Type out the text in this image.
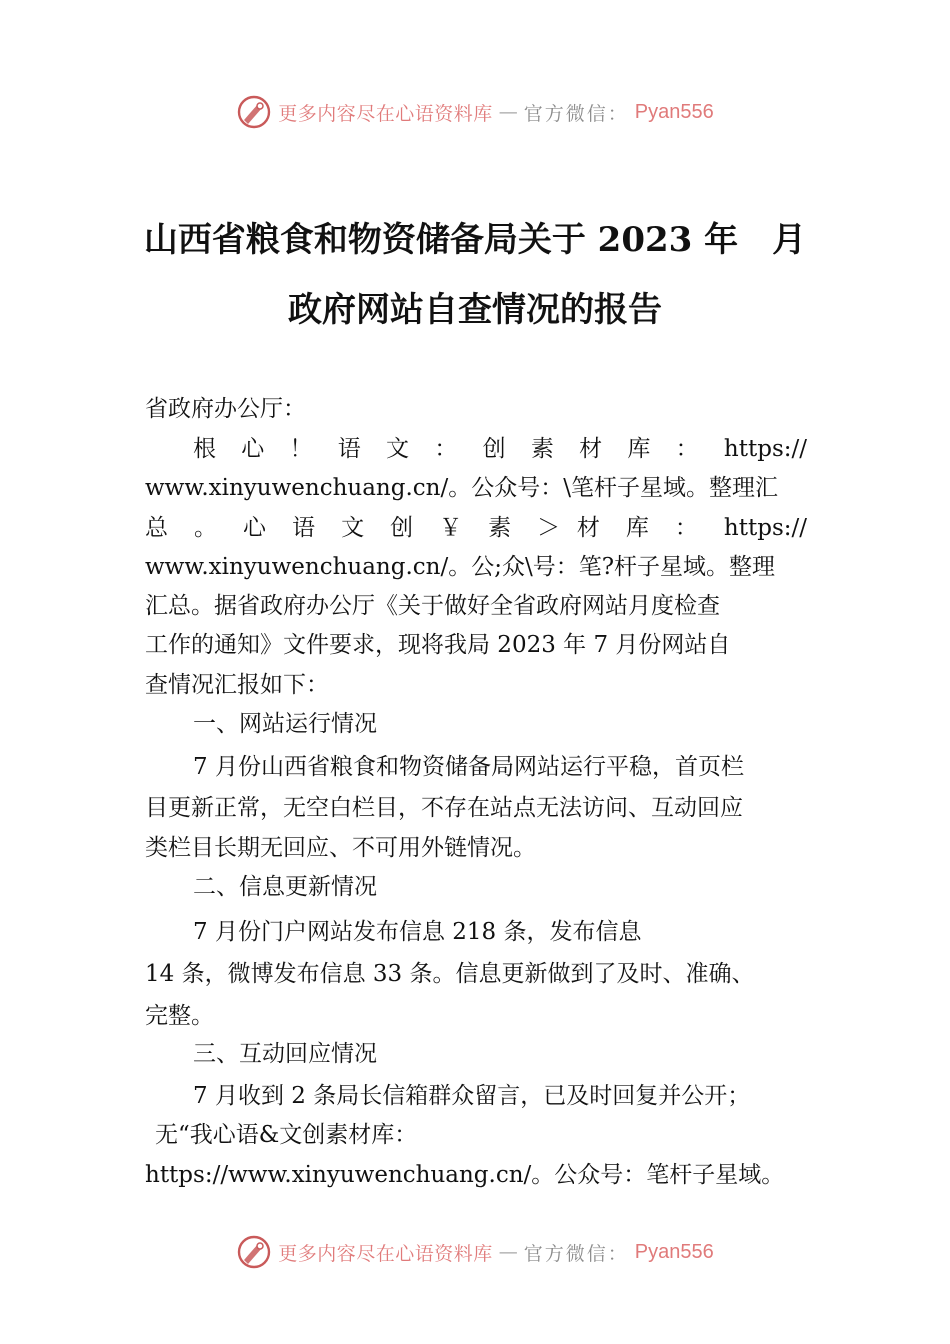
更多内容尽在心语资料库 — 官方微信： Pyan556
山西省粮食和物资储备局关于 2023 年 月
政府网站自查情况的报告
省政府办公厅：
根 心 ！ 语 文 ： 创 素 材 库 ： https://
www.xinyuwenchuang.cn/。公众号：\笔杆子星域。整理汇
总 。 心 语 文 创 ￥ 素 ＞ 材 库 ： https://
www.xinyuwenchuang.cn/。公;众\号：笔?杆子星域。整理
汇总。据省政府办公厅《关于做好全省政府网站月度检查
工作的通知》文件要求，现将我局 2023 年 7 月份网站自
查情况汇报如下：
一、网站运行情况
7 月份山西省粮食和物资储备局网站运行平稳，首页栏
目更新正常，无空白栏目，不存在站点无法访问、互动回应
类栏目长期无回应、不可用外链情况。
二、信息更新情况
7 月份门户网站发布信息 218 条，发布信息
14 条，微博发布信息 33 条。信息更新做到了及时、准确、
完整。
三、互动回应情况
7 月收到 2 条局长信箱群众留言，已及时回复并公开；
无“我心语&文创素材库：
https://www.xinyuwenchuang.cn/。公众号：笔杆子星域。
更多内容尽在心语资料库 — 官方微信： Pyan556
